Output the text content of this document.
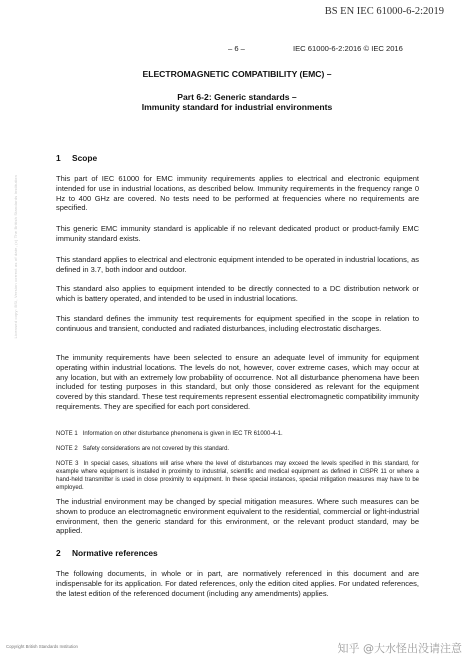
BS EN IEC 61000-6-2:2019
– 6 –	IEC 61000-6-2:2016 © IEC 2016
ELECTROMAGNETIC COMPATIBILITY (EMC) –
Part 6-2: Generic standards –
Immunity standard for industrial environments
Licensed copy: BSI, Version correct as of date, (c) The British Standards Institution
1 Scope
This part of IEC 61000 for EMC immunity requirements applies to electrical and electronic equipment intended for use in industrial locations, as described below. Immunity requirements in the frequency range 0 Hz to 400 GHz are covered. No tests need to be performed at frequencies where no requirements are specified.
This generic EMC immunity standard is applicable if no relevant dedicated product or product-family EMC immunity standard exists.
This standard applies to electrical and electronic equipment intended to be operated in industrial locations, as defined in 3.7, both indoor and outdoor.
This standard also applies to equipment intended to be directly connected to a DC distribution network or which is battery operated, and intended to be used in industrial locations.
This standard defines the immunity test requirements for equipment specified in the scope in relation to continuous and transient, conducted and radiated disturbances, including electrostatic discharges.
The immunity requirements have been selected to ensure an adequate level of immunity for equipment operating within industrial locations. The levels do not, however, cover extreme cases, which may occur at any location, but with an extremely low probability of occurrence. Not all disturbance phenomena have been included for testing purposes in this standard, but only those considered as relevant for the equipment covered by this standard. These test requirements represent essential electromagnetic compatibility immunity requirements. They are specified for each port considered.
NOTE 1 Information on other disturbance phenomena is given in IEC TR 61000-4-1.
NOTE 2 Safety considerations are not covered by this standard.
NOTE 3 In special cases, situations will arise where the level of disturbances may exceed the levels specified in this standard, for example where equipment is installed in proximity to industrial, scientific and medical equipment as defined in CISPR 11 or where a hand-held transmitter is used in close proximity to equipment. In these special instances, special mitigation measures may have to be employed.
The industrial environment may be changed by special mitigation measures. Where such measures can be shown to produce an electromagnetic environment equivalent to the residential, commercial or light-industrial environment, then the generic standard for this environment, or the relevant product standard, may be applied.
2 Normative references
The following documents, in whole or in part, are normatively referenced in this document and are indispensable for its application. For dated references, only the edition cited applies. For undated references, the latest edition of the referenced document (including any amendments) applies.
Copyright British Standards Institution	知乎 @大水怪出没请注意
